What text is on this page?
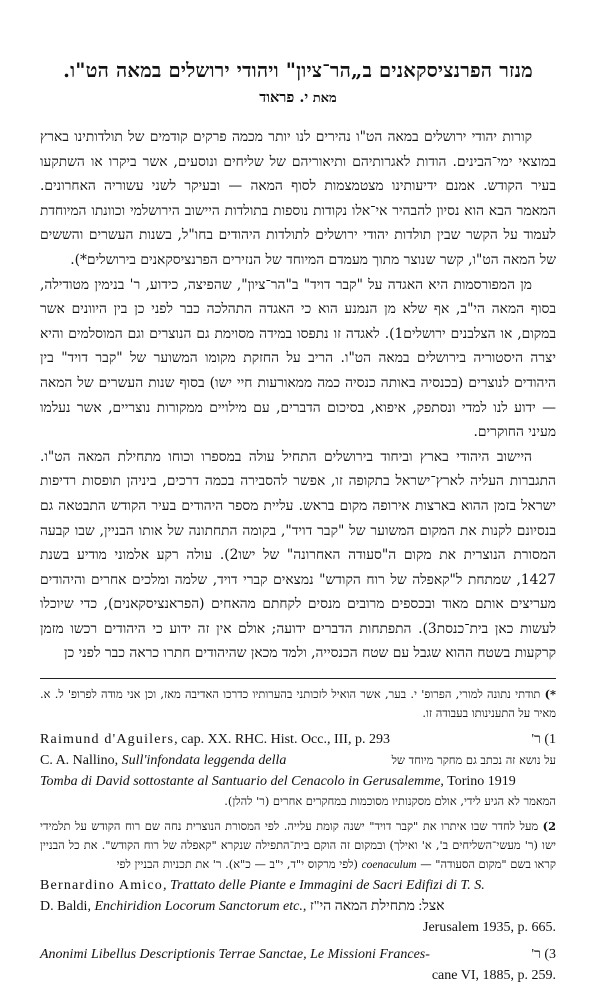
מנזר הפרנציסקאנים ב„הר־ציון" ויהודי ירושלים במאה הט"ו.
מאת י. פראוד

קורות יהודי ירושלים במאה הט"ו נהירים לנו יותר מכמה פרקים קודמים של תולדותינו בארץ במוצאי ימי־הבינים. הודות לאגרותיהם ותיאוריהם של שליחים ונוסעים, אשר ביקרו או השתקעו בעיר הקודש. אמנם ידיעותינו מצטמצמות לסוף המאה — ובעיקר לשני עשוריה האחרונים. המאמר הבא הוא נסיון להבהיר אי־אלו נקודות נוספות בתולדות היישוב הירושלמי וכוונתו המיוחדת לעמוד על הקשר שבין תולדות יהודי ירושלים לתולדות היהודים בחו"ל, בשנות העשרים והששים של המאה הט"ו, קשר שנוצר מתוך מעמדם המיוחד של הנזירים הפרנציסקאנים בירושלים*).

מן המפורסמות היא האגדה על "קבר דויד" ב"הר־ציון", שהפיצה, כידוע, ר' בנימין מטודילה, בסוף המאה הי"ב, אף שלא מן הנמנע הוא כי האגדה התהלכה כבר לפני כן בין היוונים אשר במקום, או הצלבנים ירושלים1). לאגדה זו נתפסו במידה מסוימת גם הנוצרים וגם המוסלמים והיא יצרה היסטוריה בירושלים במאה הט"ו. הריב על החזקת מקומו המשוער של "קבר דויד" בין היהודים לנוצרים (בכנסיה באותה כנסיה כמה ממאורעות חיי ישו) בסוף שנות העשרים של המאה — ידוע לנו למדי ונסתפק, איפוא, בסיכום הדברים, עם מילויים ממקורות נוצריים, אשר נעלמו מעיני החוקרים.

היישוב היהודי בארץ וביחוד בירושלים התחיל עולה במספרו וכוחו מתחילת המאה הט"ו. התגברות העליה לארץ־ישראל בתקופה זו, אפשר להסבירה בכמה דרכים, ביניהן תופסות רדיפות ישראל בזמן ההוא בארצות אירופה מקום בראש. עליית מספר היהודים בעיר הקודש התבטאה גם בנסיונם לקנות את המקום המשוער של "קבר דויד", בקומה התחתונה של אותו הבניין, שבו קבעה המסורת הנוצרית את מקום ה"סעודה האחרונה" של ישו2). עולה רקע אלמוני מודיע בשנת 1427, שמתחת ל"קאפלה של רוח הקודש" נמצאים קברי דויד, שלמה ומלכים אחרים והיהודים מעריצים אותם מאוד ובכספים מרובים מנסים לקחתם מהאחים (הפראנציסקאנים), כדי שיוכלו לעשות כאן בית־כנסת3). התפתחות הדברים ידועה; אולם אין זה ידוע כי היהודים רכשו מזמן קרקעות בשטח ההוא שגבל עם שטח הכנסייה, ולמד מכאן שהיהודים חתרו כראה כבר לפני כן

*) תודתי נתונה למורי, הפרופ' י. בער, אשר הואיל לזכותני בהערותיו כדרכו האדיבה מאז, וכן אני מודה לפרופ' ל. א. מאיר על התענינותו בעבודה זו.

Raimund d'Aguilers, cap. XX. RHC. Hist. Occ., III, p. 293	1) ר'

C. A. Nallino, Sull'infondata leggenda della	על נושא זה נכתב גם מחקר מיוחד של

Tomba di David sottostante al Santuario del Cenacolo in Gerusalemme, Torino 1919

המאמר לא הגיע לידי, אולם מסקנותיו מסוכמות במחקרים אחרים (ר' להלן).

2) מעל לחדר שבו איתרו את "קבר דויד" ישנה קומת עלייה. לפי המסורת הנוצרית נחה שם רוח הקודש על תלמידי ישו (ר' מעשי־השליחים ב', א' ואילך) ובמקום זה הוקם בית־התפילה שנקרא "קאפלה של רוח הקודש". את כל הבניין קראו בשם "מקום הסעודה" — coenaculum (לפי מרקוס י"ד, י"ב — כ"א). ר' את תכניות הבניין לפי

Bernardino Amico, Trattato delle Piante e Immagini de Sacri Edifizi di T. S.

D. Baldi, Enchiridion Locorum Sanctorum etc., אצל: מתחילת המאה הי"ז

Jerusalem 1935, p. 665.

Anonimi Libellus Descriptionis Terrae Sanctae, Le Missioni Frances-	3) ר'

cane VI, 1885, p. 259.
